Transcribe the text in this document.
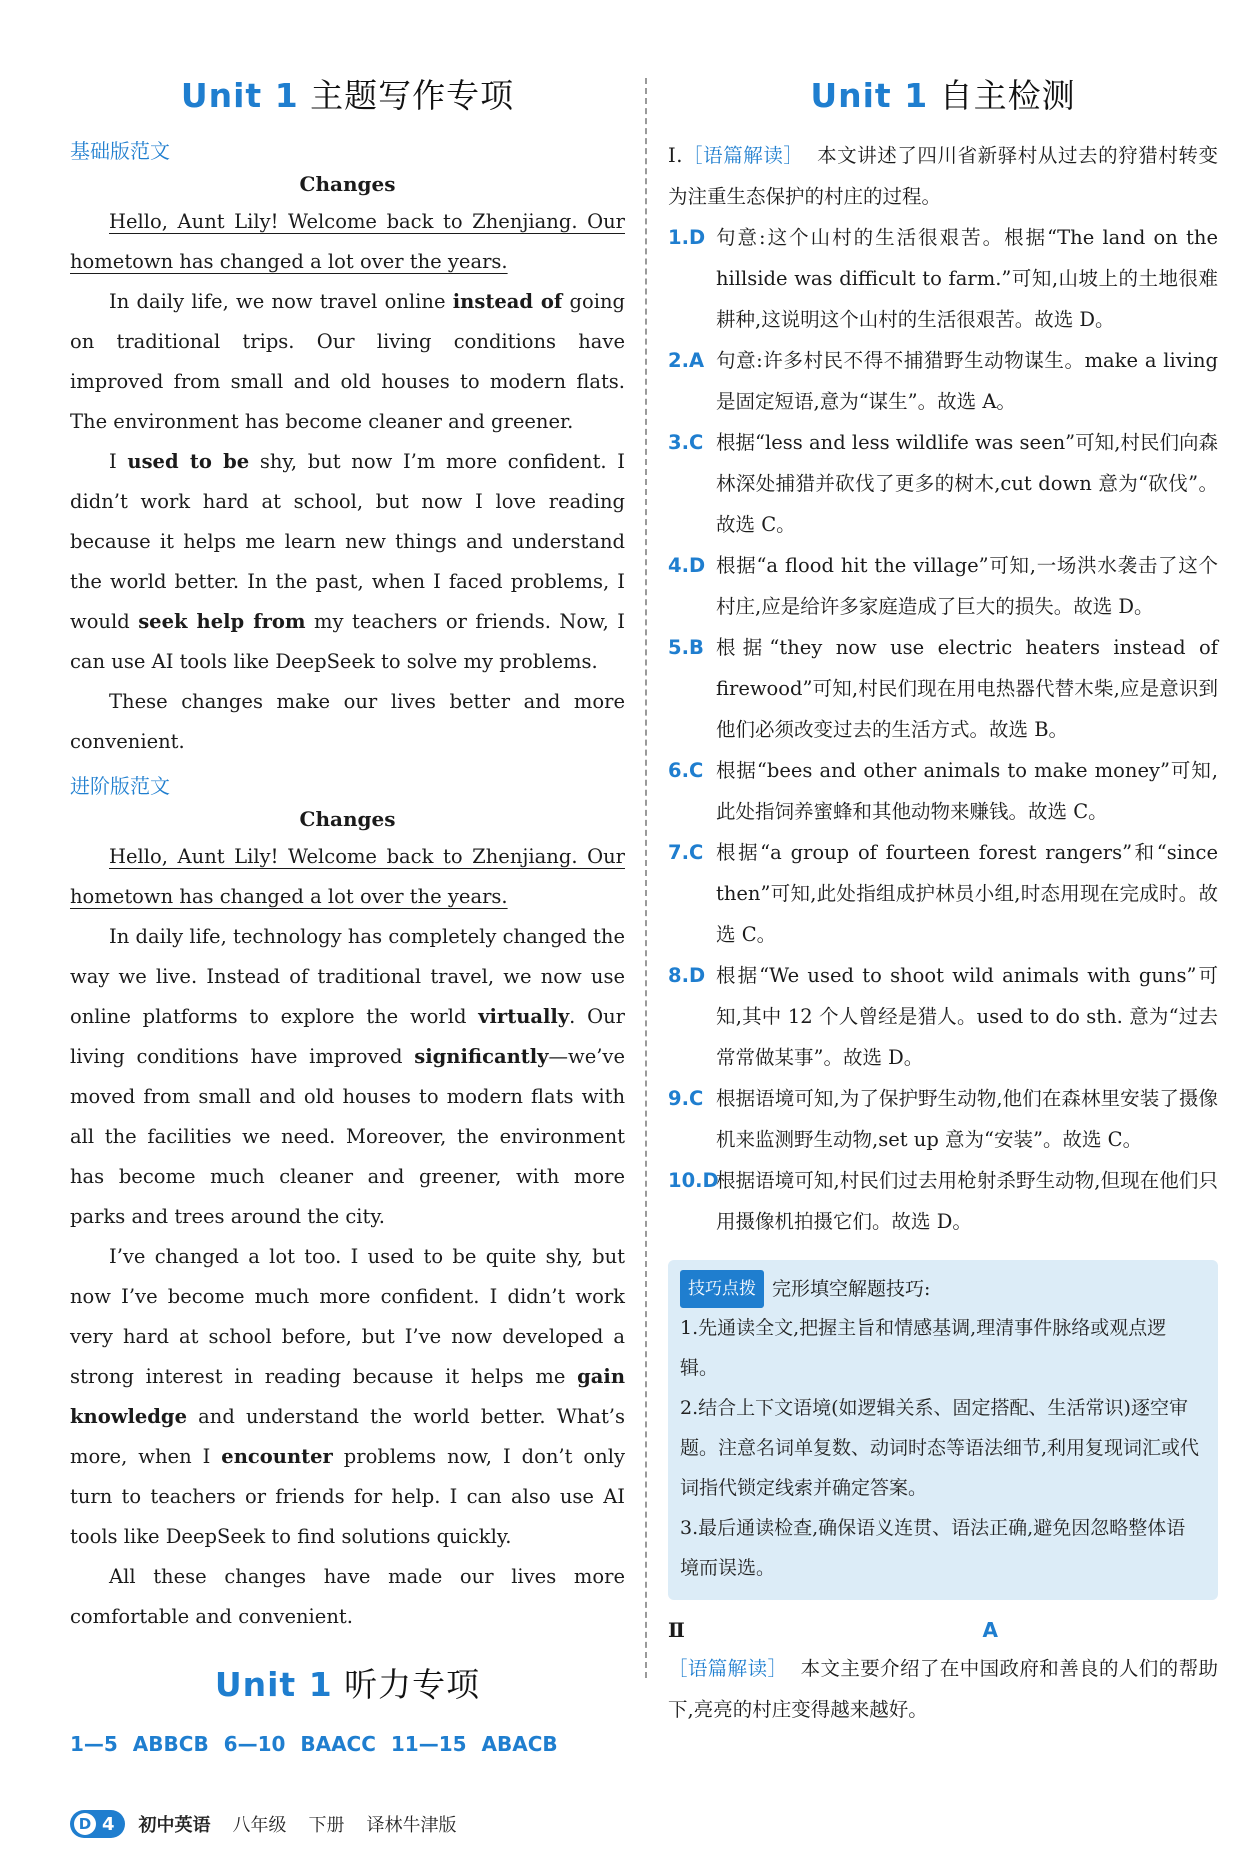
Unit 1 主题写作专项
基础版范文
Changes

Hello, Aunt Lily! Welcome back to Zhenjiang. Our hometown has changed a lot over the years.

In daily life, we now travel online instead of going on traditional trips. Our living conditions have improved from small and old houses to modern flats. The environment has become cleaner and greener.

I used to be shy, but now I’m more confident. I didn’t work hard at school, but now I love reading because it helps me learn new things and understand the world better. In the past, when I faced problems, I would seek help from my teachers or friends. Now, I can use AI tools like DeepSeek to solve my problems.

These changes make our lives better and more convenient.

进阶版范文
Changes

Hello, Aunt Lily! Welcome back to Zhenjiang. Our hometown has changed a lot over the years.

In daily life, technology has completely changed the way we live. Instead of traditional travel, we now use online platforms to explore the world virtually. Our living conditions have improved significantly—we’ve moved from small and old houses to modern flats with all the facilities we need. Moreover, the environment has become much cleaner and greener, with more parks and trees around the city.

I’ve changed a lot too. I used to be quite shy, but now I’ve become much more confident. I didn’t work very hard at school before, but I’ve now developed a strong interest in reading because it helps me gain knowledge and understand the world better. What’s more, when I encounter problems now, I don’t only turn to teachers or friends for help. I can also use AI tools like DeepSeek to find solutions quickly.

All these changes have made our lives more comfortable and convenient.

Unit 1 听力专项
1—5 ABBCB 6—10 BAACC 11—15 ABACB
Unit 1 自主检测

Ⅰ.［语篇解读］ 本文讲述了四川省新驿村从过去的狩猎村转变为注重生态保护的村庄的过程。

1.D 句意:这个山村的生活很艰苦。根据“The land on the hillside was difficult to farm.”可知,山坡上的土地很难耕种,这说明这个山村的生活很艰苦。故选 D。
2.A 句意:许多村民不得不捕猎野生动物谋生。make a living 是固定短语,意为“谋生”。故选 A。
3.C 根据“less and less wildlife was seen”可知,村民们向森林深处捕猎并砍伐了更多的树木,cut down 意为“砍伐”。故选 C。
4.D 根据“a flood hit the village”可知,一场洪水袭击了这个村庄,应是给许多家庭造成了巨大的损失。故选 D。
5.B 根据“they now use electric heaters instead of firewood”可知,村民们现在用电热器代替木柴,应是意识到他们必须改变过去的生活方式。故选 B。
6.C 根据“bees and other animals to make money”可知,此处指饲养蜜蜂和其他动物来赚钱。故选 C。
7.C 根据“a group of fourteen forest rangers”和“since then”可知,此处指组成护林员小组,时态用现在完成时。故选 C。
8.D 根据“We used to shoot wild animals with guns”可知,其中 12 个人曾经是猎人。used to do sth. 意为“过去常常做某事”。故选 D。
9.C 根据语境可知,为了保护野生动物,他们在森林里安装了摄像机来监测野生动物,set up 意为“安装”。故选 C。
10.D
根据语境可知,村民们过去用枪射杀野生动物,但现在他们只用摄像机拍摄它们。故选 D。
技巧点拨 完形填空解题技巧:

1.先通读全文,把握主旨和情感基调,理清事件脉络或观点逻辑。

2.结合上下文语境(如逻辑关系、固定搭配、生活常识)逐空审题。注意名词单复数、动词时态等语法细节,利用复现词汇或代词指代锁定线索并确定答案。

3.最后通读检查,确保语义连贯、语法正确,避免因忽略整体语境而误选。

Ⅱ	A

［语篇解读］ 本文主要介绍了在中国政府和善良的人们的帮助下,亮亮的村庄变得越来越好。

D 4 初中英语 八年级 下册 译林牛津版
